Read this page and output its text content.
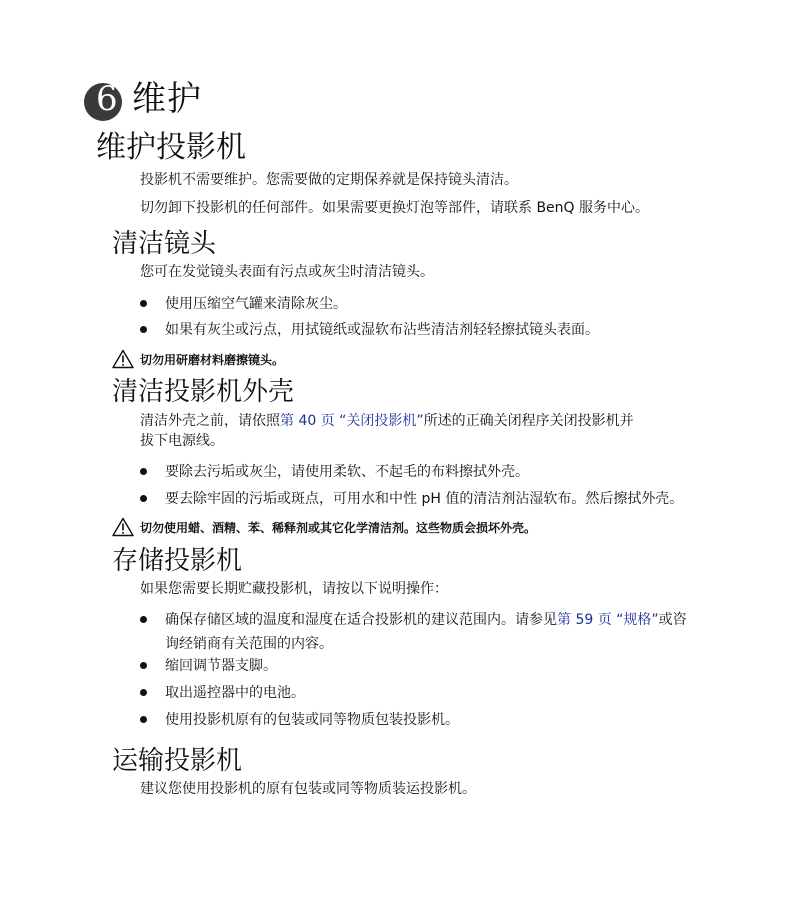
6 维护
维护投影机
投影机不需要维护。您需要做的定期保养就是保持镜头清洁。
切勿卸下投影机的任何部件。如果需要更换灯泡等部件，请联系 BenQ 服务中心。
清洁镜头
您可在发觉镜头表面有污点或灰尘时清洁镜头。
使用压缩空气罐来清除灰尘。
如果有灰尘或污点，用拭镜纸或湿软布沾些清洁剂轻轻擦拭镜头表面。
切勿用研磨材料磨擦镜头。
清洁投影机外壳
清洁外壳之前，请依照第 40 页 “关闭投影机”所述的正确关闭程序关闭投影机并
拔下电源线。
要除去污垢或灰尘，请使用柔软、不起毛的布料擦拭外壳。
要去除牢固的污垢或斑点，可用水和中性 pH 值的清洁剂沾湿软布。然后擦拭外壳。
切勿使用蜡、酒精、苯、稀释剂或其它化学清洁剂。这些物质会损坏外壳。
存储投影机
如果您需要长期贮藏投影机，请按以下说明操作：
确保存储区域的温度和湿度在适合投影机的建议范围内。请参见第 59 页 “规格”或咨
询经销商有关范围的内容。
缩回调节器支脚。
取出遥控器中的电池。
使用投影机原有的包装或同等物质包装投影机。
运输投影机
建议您使用投影机的原有包装或同等物质装运投影机。
